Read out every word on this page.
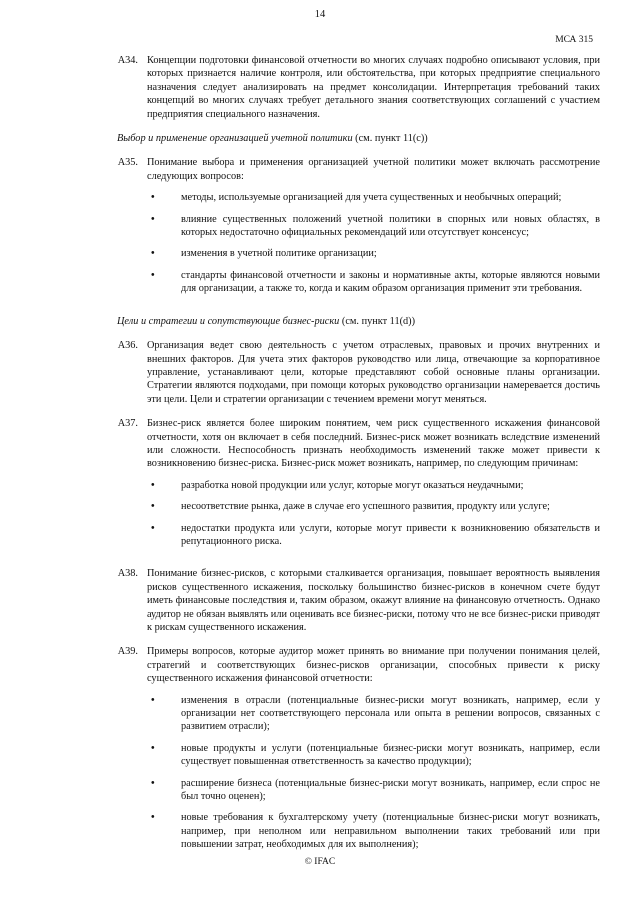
14
МСА 315
A34. Концепции подготовки финансовой отчетности во многих случаях подробно описывают условия, при которых признается наличие контроля, или обстоятельства, при которых предприятие специального назначения следует анализировать на предмет консолидации. Интерпретация требований таких концепций во многих случаях требует детального знания соответствующих соглашений с участием предприятия специального назначения.
Выбор и применение организацией учетной политики (см. пункт 11(c))
A35. Понимание выбора и применения организацией учетной политики может включать рассмотрение следующих вопросов:
•	методы, используемые организацией для учета существенных и необычных операций;
•	влияние существенных положений учетной политики в спорных или новых областях, в которых недостаточно официальных рекомендаций или отсутствует консенсус;
•	изменения в учетной политике организации;
•	стандарты финансовой отчетности и законы и нормативные акты, которые являются новыми для организации, а также то, когда и каким образом организация применит эти требования.
Цели и стратегии и сопутствующие бизнес-риски (см. пункт 11(d))
A36. Организация ведет свою деятельность с учетом отраслевых, правовых и прочих внутренних и внешних факторов. Для учета этих факторов руководство или лица, отвечающие за корпоративное управление, устанавливают цели, которые представляют собой основные планы организации. Стратегии являются подходами, при помощи которых руководство организации намеревается достичь эти цели. Цели и стратегии организации с течением времени могут меняться.
A37. Бизнес-риск является более широким понятием, чем риск существенного искажения финансовой отчетности, хотя он включает в себя последний. Бизнес-риск может возникать вследствие изменений или сложности. Неспособность признать необходимость изменений также может привести к возникновению бизнес-риска. Бизнес-риск может возникать, например, по следующим причинам:
•	разработка новой продукции или услуг, которые могут оказаться неудачными;
•	несоответствие рынка, даже в случае его успешного развития, продукту или услуге;
•	недостатки продукта или услуги, которые могут привести к возникновению обязательств и репутационного риска.
A38. Понимание бизнес-рисков, с которыми сталкивается организация, повышает вероятность выявления рисков существенного искажения, поскольку большинство бизнес-рисков в конечном счете будут иметь финансовые последствия и, таким образом, окажут влияние на финансовую отчетность. Однако аудитор не обязан выявлять или оценивать все бизнес-риски, потому что не все бизнес-риски приводят к рискам существенного искажения.
A39. Примеры вопросов, которые аудитор может принять во внимание при получении понимания целей, стратегий и соответствующих бизнес-рисков организации, способных привести к риску существенного искажения финансовой отчетности:
•	изменения в отрасли (потенциальные бизнес-риски могут возникать, например, если у организации нет соответствующего персонала или опыта в решении вопросов, связанных с развитием отрасли);
•	новые продукты и услуги (потенциальные бизнес-риски могут возникать, например, если существует повышенная ответственность за качество продукции);
•	расширение бизнеса (потенциальные бизнес-риски могут возникать, например, если спрос не был точно оценен);
•	новые требования к бухгалтерскому учету (потенциальные бизнес-риски могут возникать, например, при неполном или неправильном выполнении таких требований или при повышении затрат, необходимых для их выполнения);
© IFAC
